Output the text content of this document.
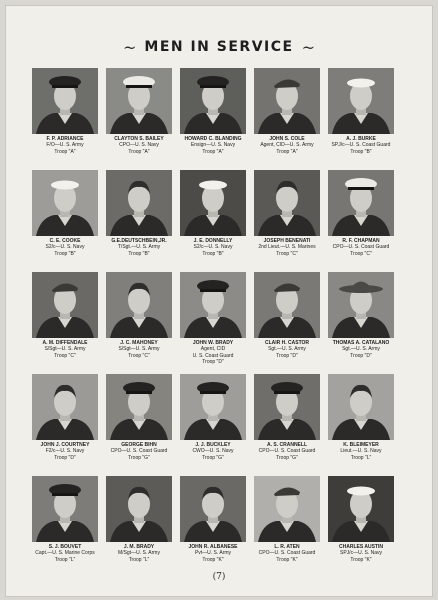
~ MEN IN SERVICE ~
F. P. ADRIANCE
F/O—U. S. Army
Troop "A"
CLAYTON S. BAILEY
CPO—U. S. Navy
Troop "A"
HOWARD C. BLANDING
Ensign—U. S. Navy
Troop "A"
JOHN S. COLE
Agent, CID—U. S. Army
Troop "A"
A. J. BURKE
SPJ/c—U. S. Coast Guard
Troop "B"
C. E. COOKE
S2/c—U. S. Navy
Troop "B"
G.E.DEUTSCHBEIN,JR.
T/Sgt.—U. S. Army
Troop "B"
J. E. DONNELLY
S2/c—U. S. Navy
Troop "B"
JOSEPH BENENATI
2nd Lieut.—U. S. Marines
Troop "C"
R. F. CHAPMAN
CPO—U. S. Coast Guard
Troop "C"
A. M. DIFFENDALE
S/Sgt—U. S. Army
Troop "C"
J. C. MAHONEY
S/Sgt—U. S. Army
Troop "C"
JOHN W. BRADY
Agent, CID
U. S. Coast Guard
Troop "D"
CLAIR H. CASTOR
Sgt.—U. S. Army
Troop "D"
THOMAS A. CATALANO
Sgt.—U. S. Army
Troop "D"
JOHN J. COURTNEY
F2/c—U. S. Navy
Troop "D"
GEORGE BIHN
CPO—U. S. Coast Guard
Troop "G"
J. J. BUCKLEY
CWO—U. S. Navy
Troop "G"
A. S. CRANNELL
CPO—U. S. Coast Guard
Troop "G"
K. BLEIMEYER
Lieut.—U. S. Navy
Troop "L"
S. J. BOUVET
Capt.—U. S. Marine Corps
Troop "L"
J. M. BRADY
M/Sgt—U. S. Army
Troop "L"
JOHN R. ALBANESE
Pvt—U. S. Army
Troop "K"
L. R. ATEN
CPO—U. S. Coast Guard
Troop "K"
CHARLES AUSTIN
SPJ/c—U. S. Navy
Troop "K"
(7)
